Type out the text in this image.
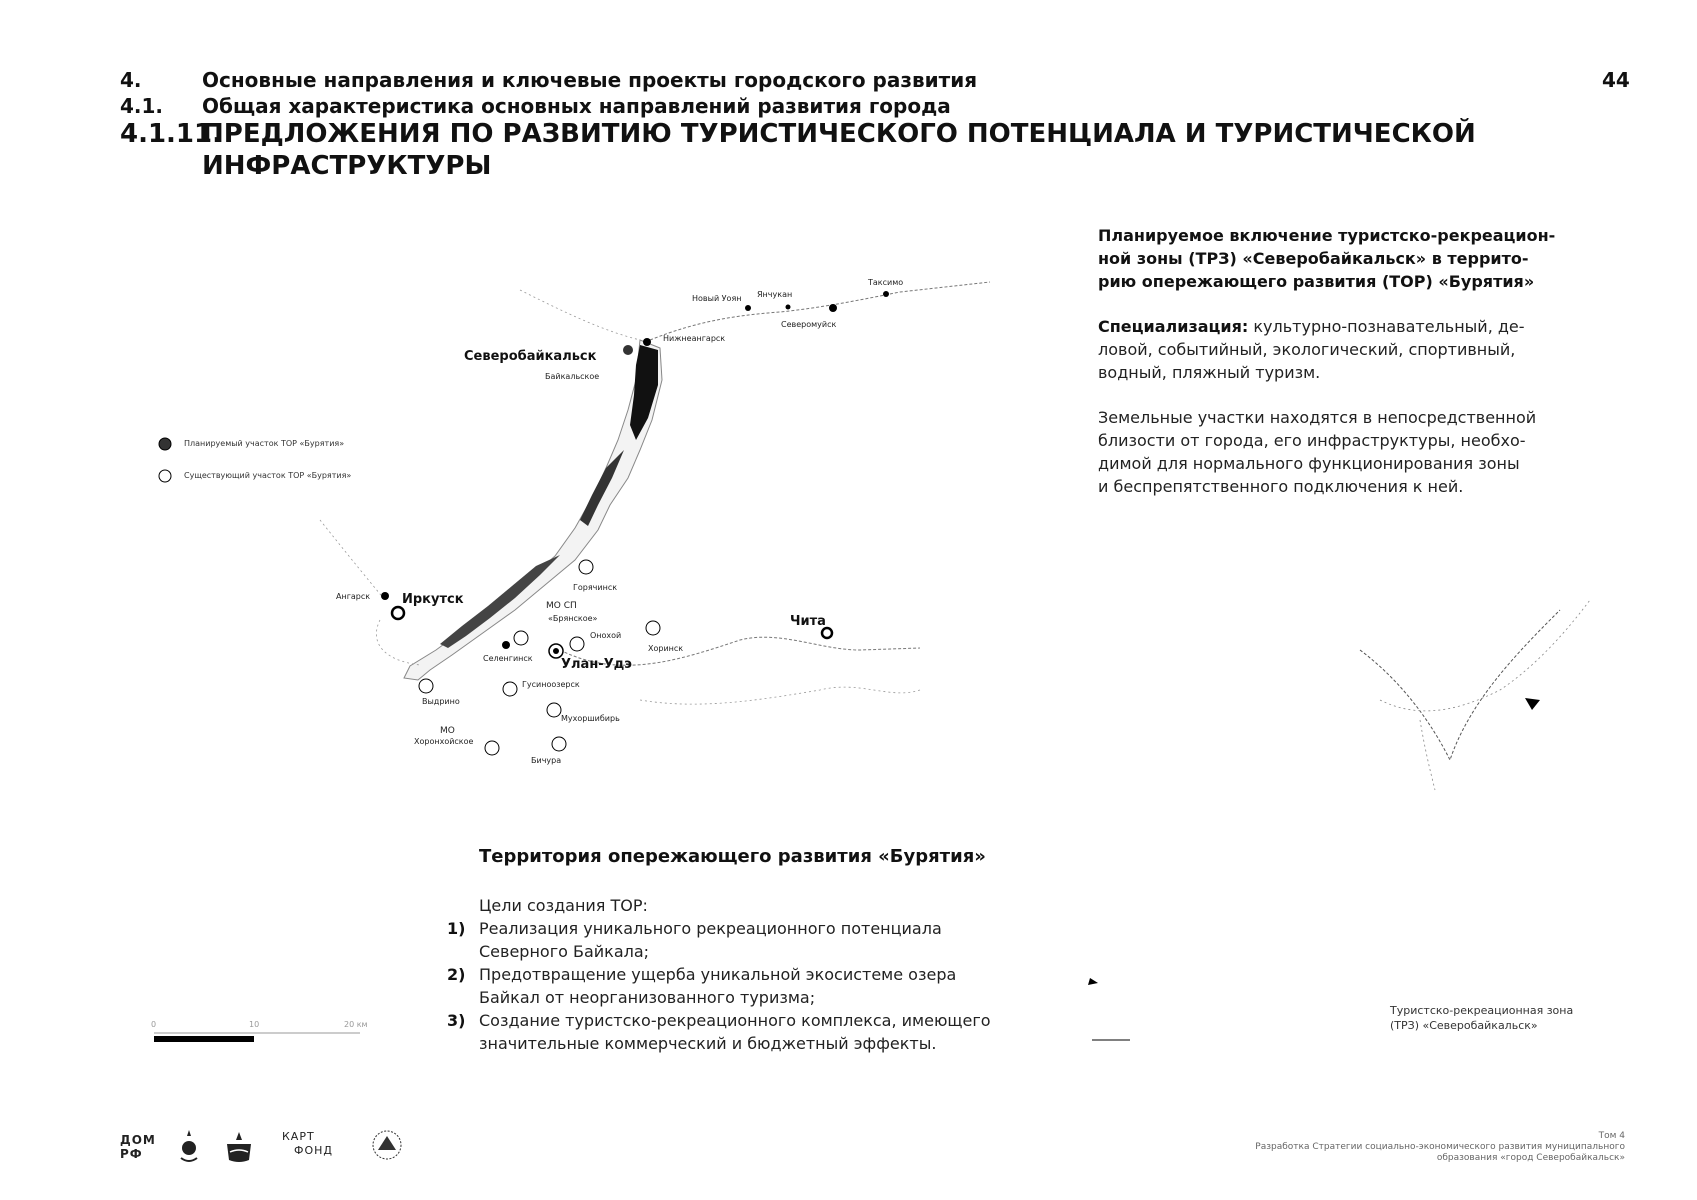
4.	Основные направления и ключевые проекты городского развития
4.1. Общая характеристика основных направлений развития города
4.1.11.
ПРЕДЛОЖЕНИЯ ПО РАЗВИТИЮ ТУРИСТИЧЕСКОГО ПОТЕНЦИАЛА И ТУРИСТИЧЕСКОЙ
ИНФРАСТРУКТУРЫ
44
Планируемое включение туристско-рекреацион-
ной зоны (ТРЗ) «Северобайкальск» в террито-
рию опережающего развития (ТОР) «Бурятия»
Специализация: культурно-познавательный, де-
ловой, событийный, экологический, спортивный,
водный, пляжный туризм.
Земельные участки находятся в непосредственной
близости от города, его инфраструктуры, необхо-
димой для нормального функционирования зоны
и беспрепятственного подключения к ней.
Северобайкальск
Байкальское
Нижнеангарск
Новый Уоян Янчукан
Северомуйск
Таксимо
Ангарск Иркутск
Горячинск
МО СП
«Брянское»
Онохой
Хоринск
Чита
Селенгинск Улан-Удэ
Гусиноозерск
Выдрино
Мухоршибирь
МО
Хоронхойское
Бичура
Планируемый участок ТОР «Бурятия»
Существующий участок ТОР «Бурятия»
0	10	20 км
Территория опережающего развития «Бурятия»
Цели создания ТОР:
1) Реализация уникального рекреационного потенциала
Северного Байкала;
2) Предотвращение ущерба уникальной экосистеме озера
Байкал от неорганизованного туризма;
3) Создание туристско-рекреационного комплекса, имеющего
значительные коммерческий и бюджетный эффекты.
Туристско-рекреационная зона
(ТРЗ) «Северобайкальск»
ДОМ
РФ
КАРТ
ФОНД
Том 4
Разработка Стратегии социально-экономического развития муниципального
образования «город Северобайкальск»
